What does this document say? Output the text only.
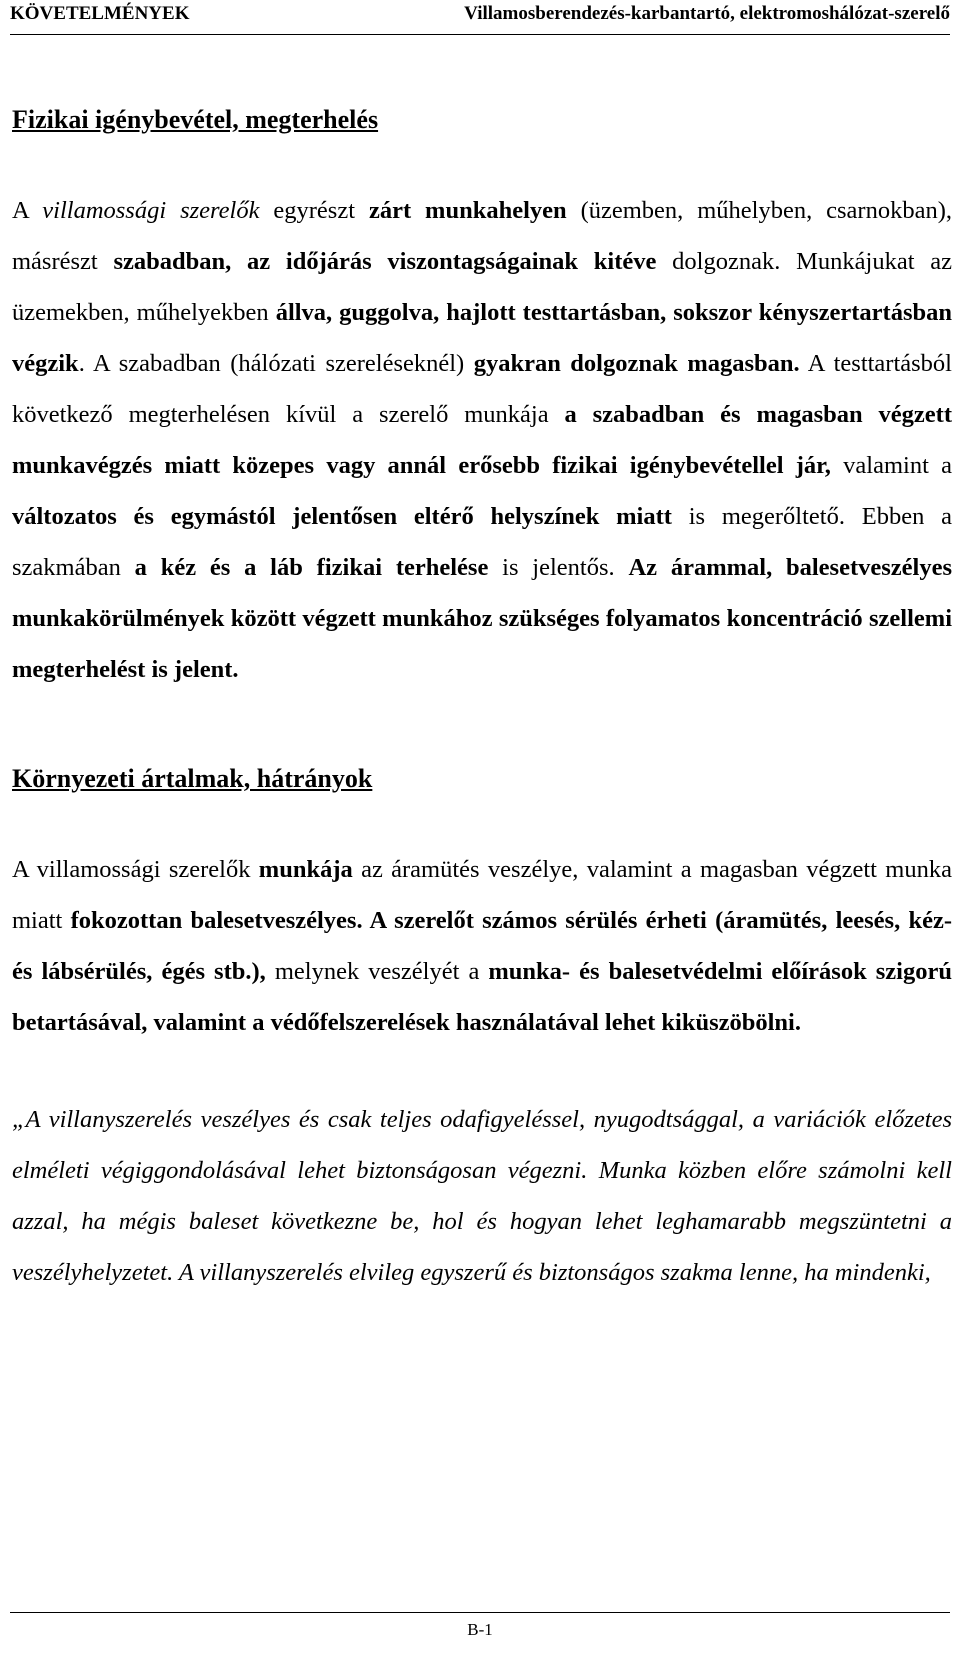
KÖVETELMÉNYEK	Villamosberendezés-karbantartó, elektromoshálózat-szerelő
Fizikai igénybevétel, megterhelés

A villamossági szerelők egyrészt zárt munkahelyen (üzemben, műhelyben, csarnokban), másrészt szabadban, az időjárás viszontagságainak kitéve dolgoznak. Munkájukat az üzemekben, műhelyekben állva, guggolva, hajlott testtartásban, sokszor kényszertartásban végzik. A szabadban (hálózati szereléseknél) gyakran dolgoznak magasban. A testtartásból következő megterhelésen kívül a szerelő munkája a szabadban és magasban végzett munkavégzés miatt közepes vagy annál erősebb fizikai igénybevétellel jár, valamint a változatos és egymástól jelentősen eltérő helyszínek miatt is megerőltető. Ebben a szakmában a kéz és a láb fizikai terhelése is jelentős. Az árammal, balesetveszélyes munkakörülmények között végzett munkához szükséges folyamatos koncentráció szellemi megterhelést is jelent.

Környezeti ártalmak, hátrányok

A villamossági szerelők munkája az áramütés veszélye, valamint a magasban végzett munka miatt fokozottan balesetveszélyes. A szerelőt számos sérülés érheti (áramütés, leesés, kéz- és lábsérülés, égés stb.), melynek veszélyét a munka- és balesetvédelmi előírások szigorú betartásával, valamint a védőfelszerelések használatával lehet kiküszöbölni.

„A villanyszerelés veszélyes és csak teljes odafigyeléssel, nyugodtsággal, a variációk előzetes elméleti végiggondolásával lehet biztonságosan végezni. Munka közben előre számolni kell azzal, ha mégis baleset következne be, hol és hogyan lehet leghamarabb megszüntetni a veszélyhelyzetet. A villanyszerelés elvileg egyszerű és biztonságos szakma lenne, ha mindenki,

B-1
